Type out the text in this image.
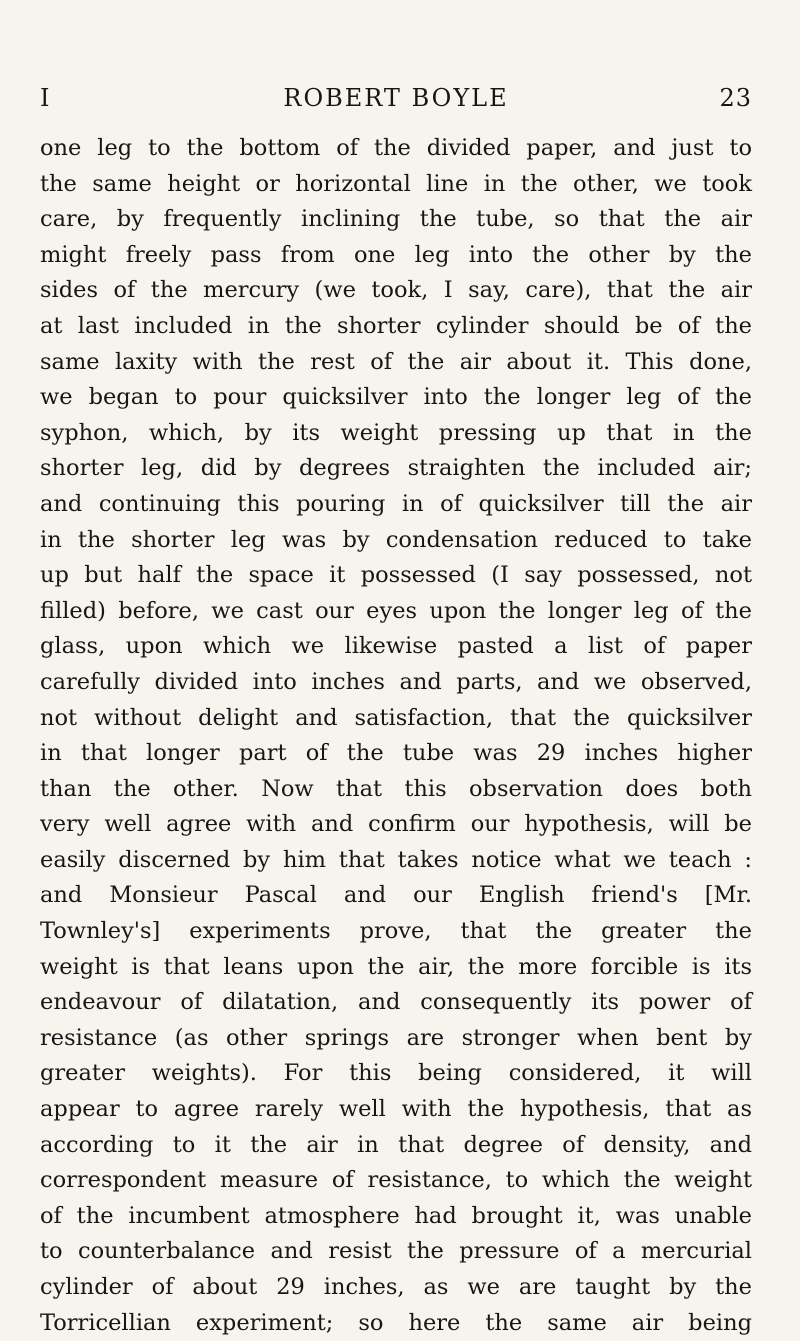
I	ROBERT BOYLE	23
one leg to the bottom of the divided paper, and just to
the same height or horizontal line in the other, we took
care, by frequently inclining the tube, so that the air
might freely pass from one leg into the other by the
sides of the mercury (we took, I say, care), that the air
at last included in the shorter cylinder should be of the
same laxity with the rest of the air about it. This done,
we began to pour quicksilver into the longer leg of the
syphon, which, by its weight pressing up that in the
shorter leg, did by degrees straighten the included air;
and continuing this pouring in of quicksilver till the air
in the shorter leg was by condensation reduced to take
up but half the space it possessed (I say possessed, not
filled) before, we cast our eyes upon the longer leg of the
glass, upon which we likewise pasted a list of paper
carefully divided into inches and parts, and we observed,
not without delight and satisfaction, that the quicksilver
in that longer part of the tube was 29 inches higher
than the other. Now that this observation does both
very well agree with and confirm our hypothesis, will be
easily discerned by him that takes notice what we teach :
and Monsieur Pascal and our English friend's [Mr.
Townley's] experiments prove, that the greater the
weight is that leans upon the air, the more forcible is its
endeavour of dilatation, and consequently its power of
resistance (as other springs are stronger when bent by
greater weights). For this being considered, it will
appear to agree rarely well with the hypothesis, that as
according to it the air in that degree of density, and
correspondent measure of resistance, to which the weight
of the incumbent atmosphere had brought it, was unable
to counterbalance and resist the pressure of a mercurial
cylinder of about 29 inches, as we are taught by the
Torricellian experiment; so here the same air being
